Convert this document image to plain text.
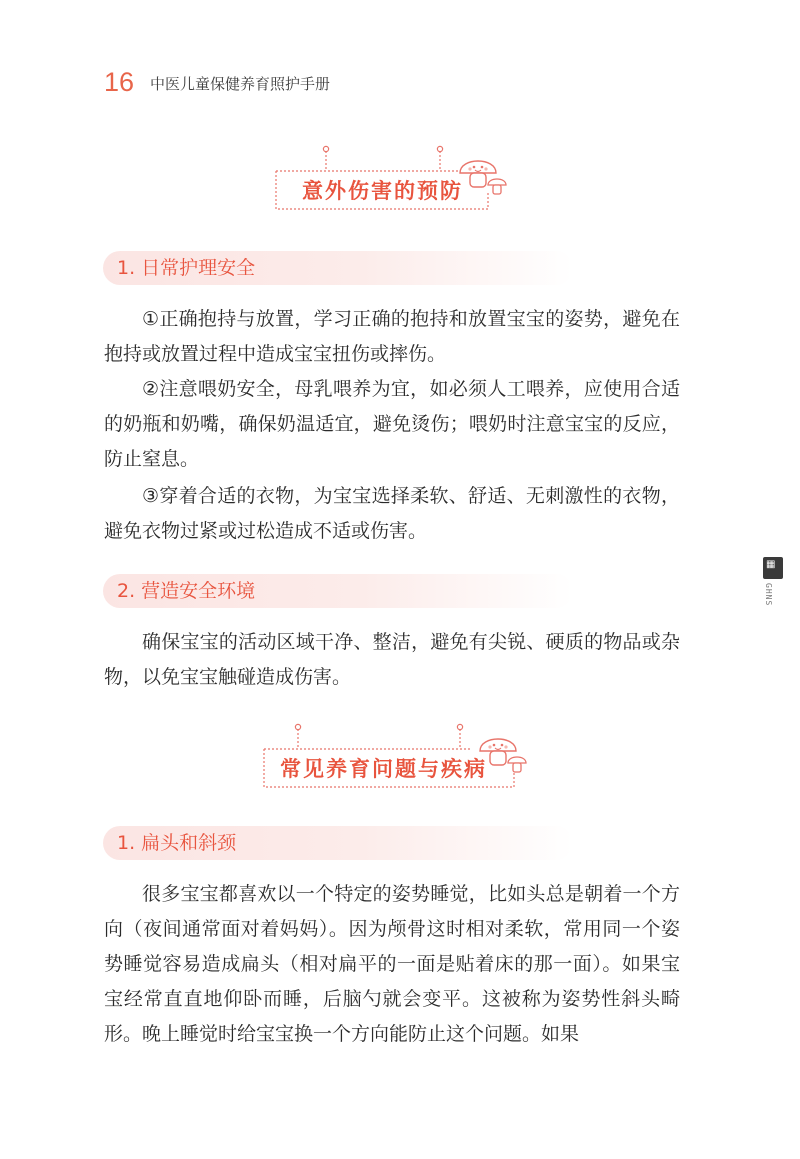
16 中医儿童保健养育照护手册
意外伤害的预防
1. 日常护理安全

①正确抱持与放置，学习正确的抱持和放置宝宝的姿势，避免在抱持或放置过程中造成宝宝扭伤或摔伤。

②注意喂奶安全，母乳喂养为宜，如必须人工喂养，应使用合适的奶瓶和奶嘴，确保奶温适宜，避免烫伤；喂奶时注意宝宝的反应，防止窒息。

③穿着合适的衣物，为宝宝选择柔软、舒适、无刺激性的衣物，避免衣物过紧或过松造成不适或伤害。

2. 营造安全环境

确保宝宝的活动区域干净、整洁，避免有尖锐、硬质的物品或杂物，以免宝宝触碰造成伤害。

常见养育问题与疾病
1. 扁头和斜颈

很多宝宝都喜欢以一个特定的姿势睡觉，比如头总是朝着一个方向（夜间通常面对着妈妈）。因为颅骨这时相对柔软，常用同一个姿势睡觉容易造成扁头（相对扁平的一面是贴着床的那一面）。如果宝宝经常直直地仰卧而睡，后脑勺就会变平。这被称为姿势性斜头畸形。晚上睡觉时给宝宝换一个方向能防止这个问题。如果

▦
GHNS
